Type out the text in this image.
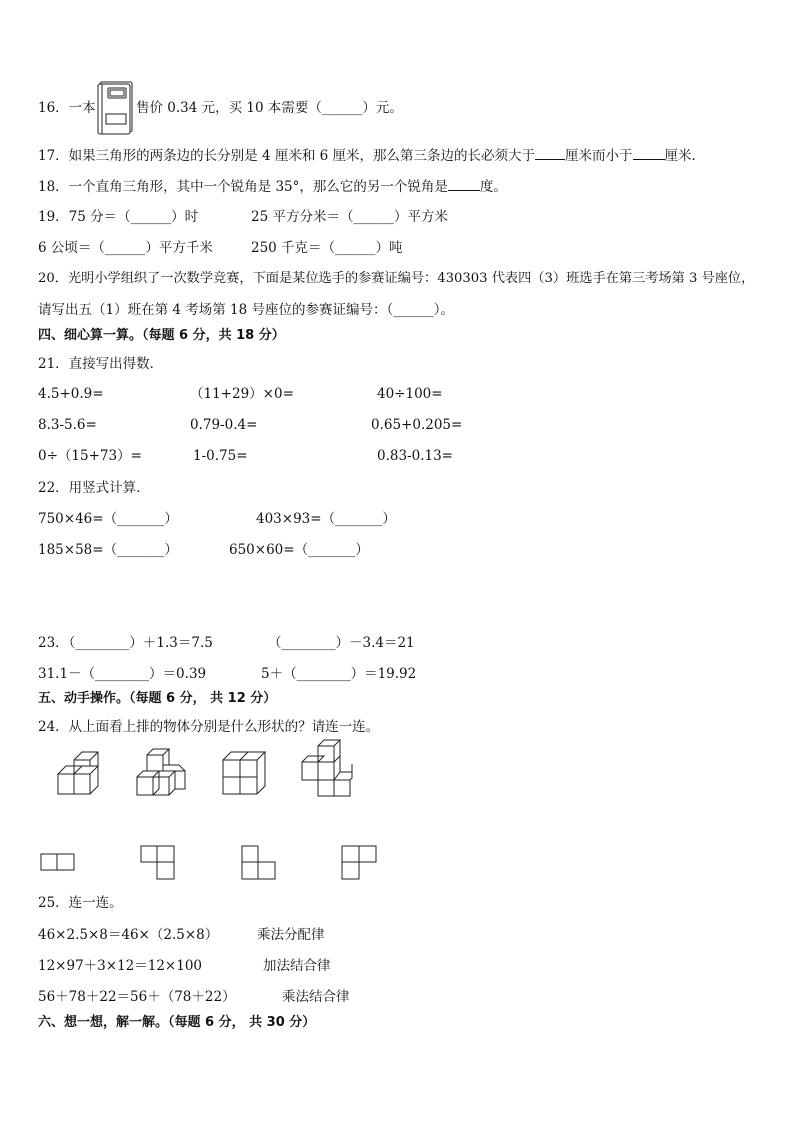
16．一本	售价 0.34 元，买 10 本需要（______）元。
17．如果三角形的两条边的长分别是 4 厘米和 6 厘米，那么第三条边的长必须大于 厘米而小于 厘米．
18．一个直角三角形，其中一个锐角是 35°，那么它的另一个锐角是 度。
19．75 分＝（______）时	25 平方分米＝（______）平方米
6 公顷＝（______）平方千米	250 千克＝（______）吨
20．光明小学组织了一次数学竞赛，下面是某位选手的参赛证编号：430303 代表四（3）班选手在第三考场第 3 号座位，
请写出五（1）班在第 4 考场第 18 号座位的参赛证编号：（______）。
四、细心算一算。（每题 6 分，共 18 分）
21．直接写出得数．
4.5+0.9=	（11+29）×0=	40÷100=
8.3-5.6=	0.79-0.4=	0.65+0.205=
0÷（15+73）=	1-0.75=	0.83-0.13=
22．用竖式计算．
750×46=（_______）	403×93=（_______）
185×58=（_______）	650×60=（_______）
23．（________）＋1.3＝7.5	（________）－3.4＝21
31.1－（________）＝0.39	5＋（________）＝19.92
五、动手操作。（每题 6 分， 共 12 分）
24．从上面看上排的物体分别是什么形状的？请连一连。
25．连一连。
46×2.5×8＝46×（2.5×8）	乘法分配律
12×97＋3×12＝12×100	加法结合律
56＋78＋22＝56＋（78＋22）	乘法结合律
六、想一想，解一解。（每题 6 分， 共 30 分）
